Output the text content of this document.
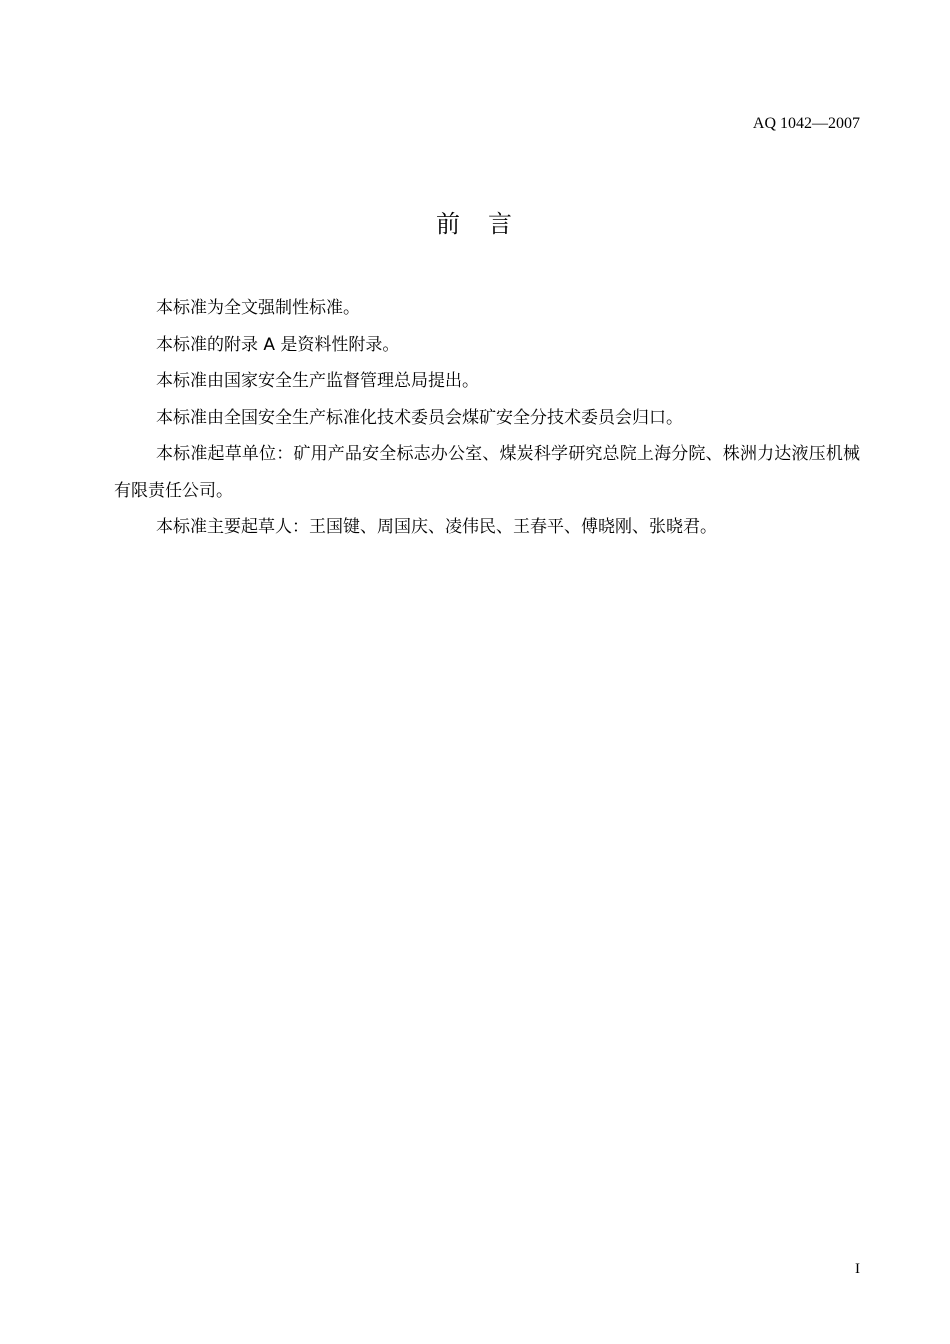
AQ 1042—2007
前　言

本标准为全文强制性标准。

本标准的附录 A 是资料性附录。

本标准由国家安全生产监督管理总局提出。

本标准由全国安全生产标准化技术委员会煤矿安全分技术委员会归口。

本标准起草单位：矿用产品安全标志办公室、煤炭科学研究总院上海分院、株洲力达液压机械有限责任公司。

本标准主要起草人：王国键、周国庆、凌伟民、王春平、傅晓刚、张晓君。

I
